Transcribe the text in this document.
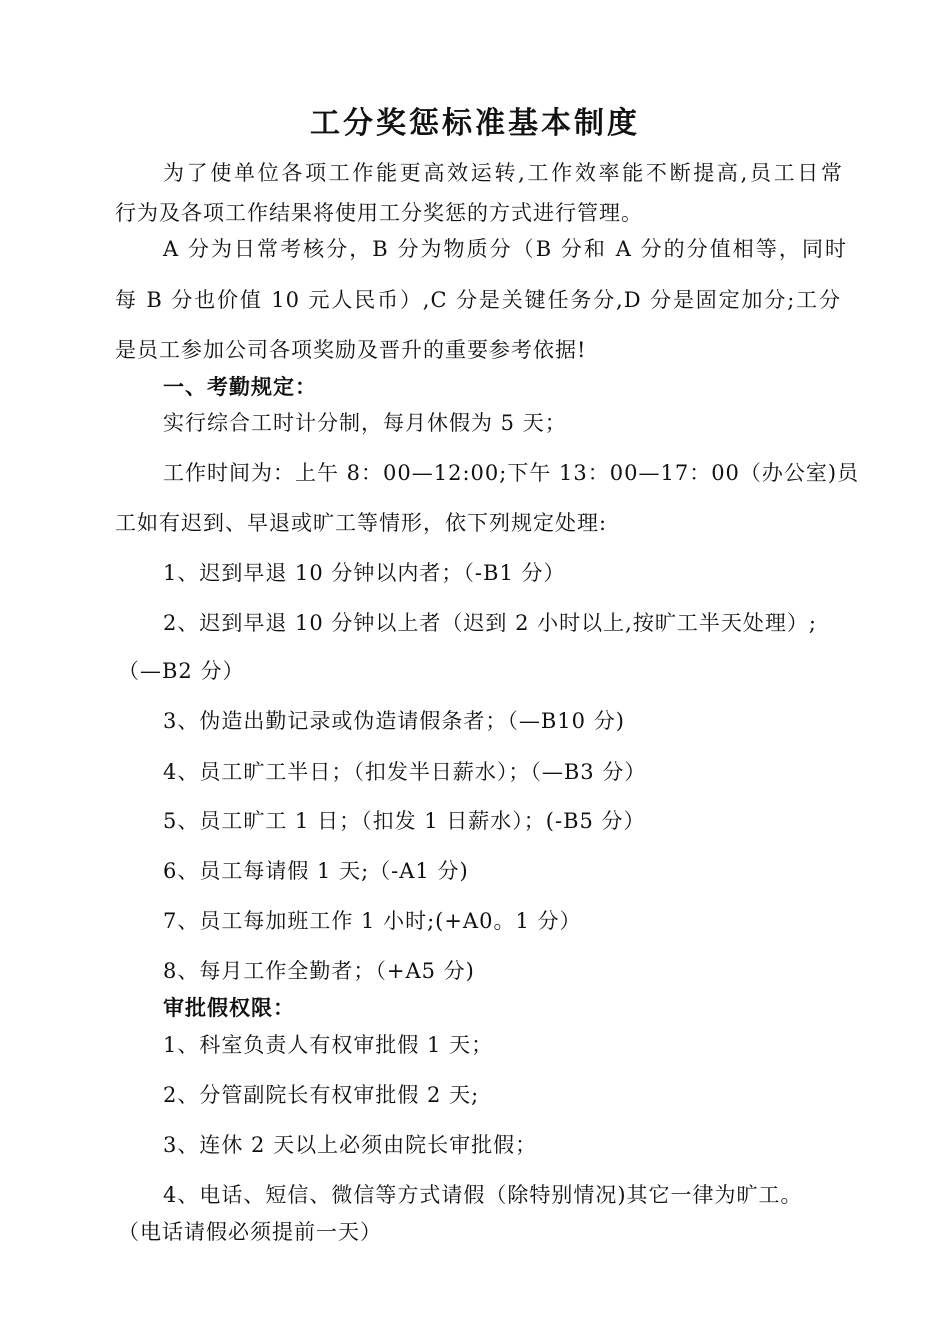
工分奖惩标准基本制度
为了使单位各项工作能更高效运转,工作效率能不断提高,员工日常
行为及各项工作结果将使用工分奖惩的方式进行管理。
A 分为日常考核分，B 分为物质分（B 分和 A 分的分值相等，同时
每 B 分也价值 10 元人民币）,C 分是关键任务分,D 分是固定加分;工分
是员工参加公司各项奖励及晋升的重要参考依据!
一、考勤规定：
实行综合工时计分制，每月休假为 5 天；
工作时间为：上午 8：00—12:00;下午 13：00—17：00（办公室)员
工如有迟到、早退或旷工等情形，依下列规定处理:
1、迟到早退 10 分钟以内者；（-B1 分）
2、迟到早退 10 分钟以上者（迟到 2 小时以上,按旷工半天处理）;
（—B2 分）
3、伪造出勤记录或伪造请假条者；（—B10 分)
4、员工旷工半日；（扣发半日薪水）；（—B3 分）
5、员工旷工 1 日；（扣发 1 日薪水）；(-B5 分）
6、员工每请假 1 天;（-A1 分)
7、员工每加班工作 1 小时;(+A0。1 分）
8、每月工作全勤者；（+A5 分)
审批假权限：
1、科室负责人有权审批假 1 天；
2、分管副院长有权审批假 2 天;
3、连休 2 天以上必须由院长审批假；
4、电话、短信、微信等方式请假（除特别情况)其它一律为旷工。
（电话请假必须提前一天）
